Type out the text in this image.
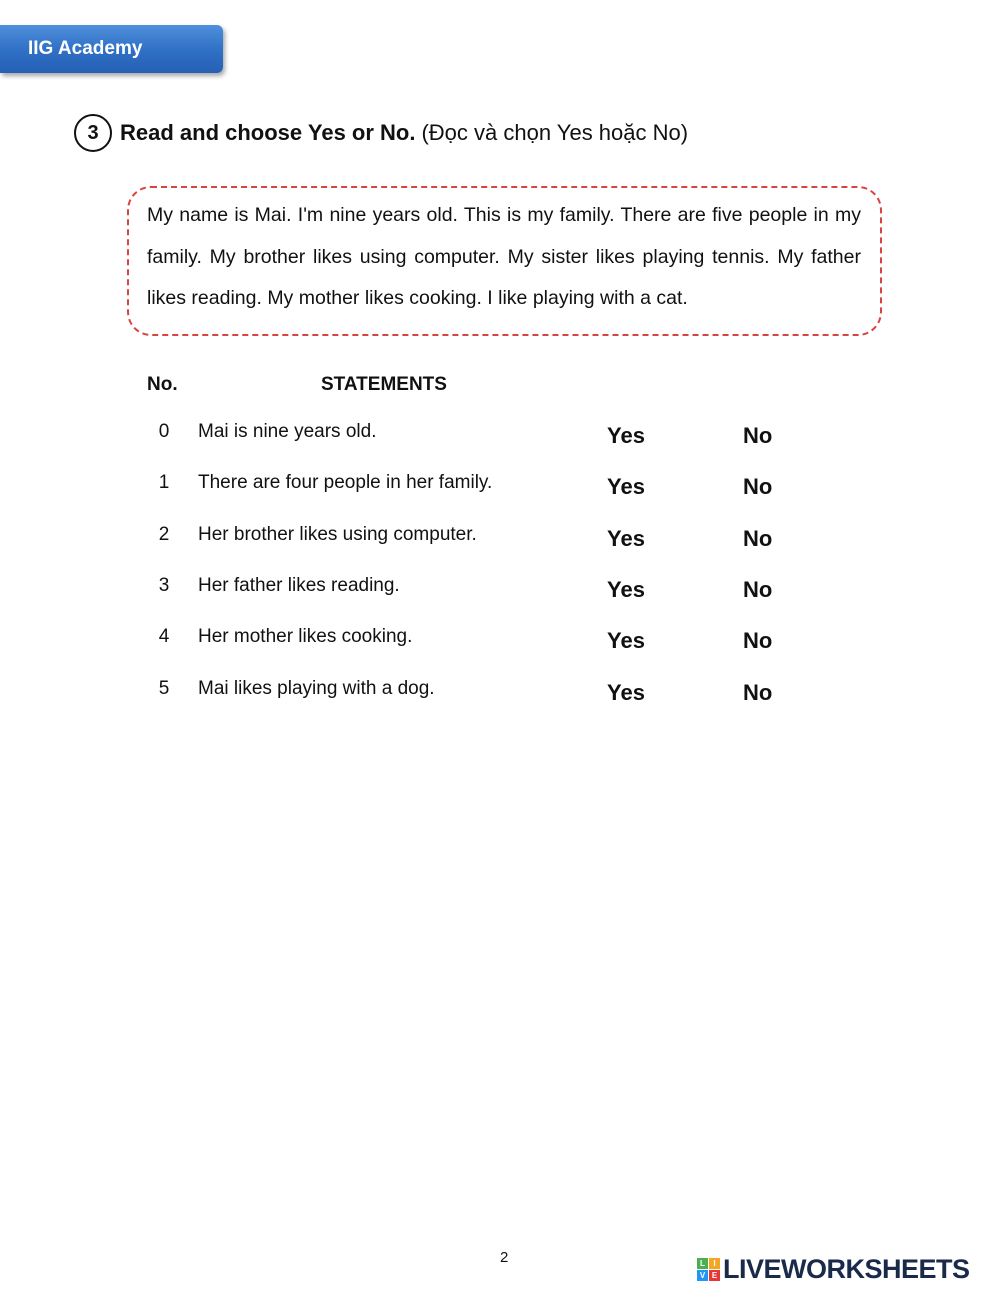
IIG Academy
3 Read and choose Yes or No. (Đọc và chọn Yes hoặc No)

My name is Mai. I'm nine years old. This is my family. There are five people in my family. My brother likes using computer. My sister likes playing tennis. My father likes reading. My mother likes cooking. I like playing with a cat.

No.	STATEMENTS
0	Mai is nine years old.	Yes	No
1	There are four people in her family.	Yes	No
2	Her brother likes using computer.	Yes	No
3	Her father likes reading.	Yes	No
4	Her mother likes cooking.	Yes	No
5	Mai likes playing with a dog.	Yes	No
2	L	I
V E LIVEWORKSHEETS
